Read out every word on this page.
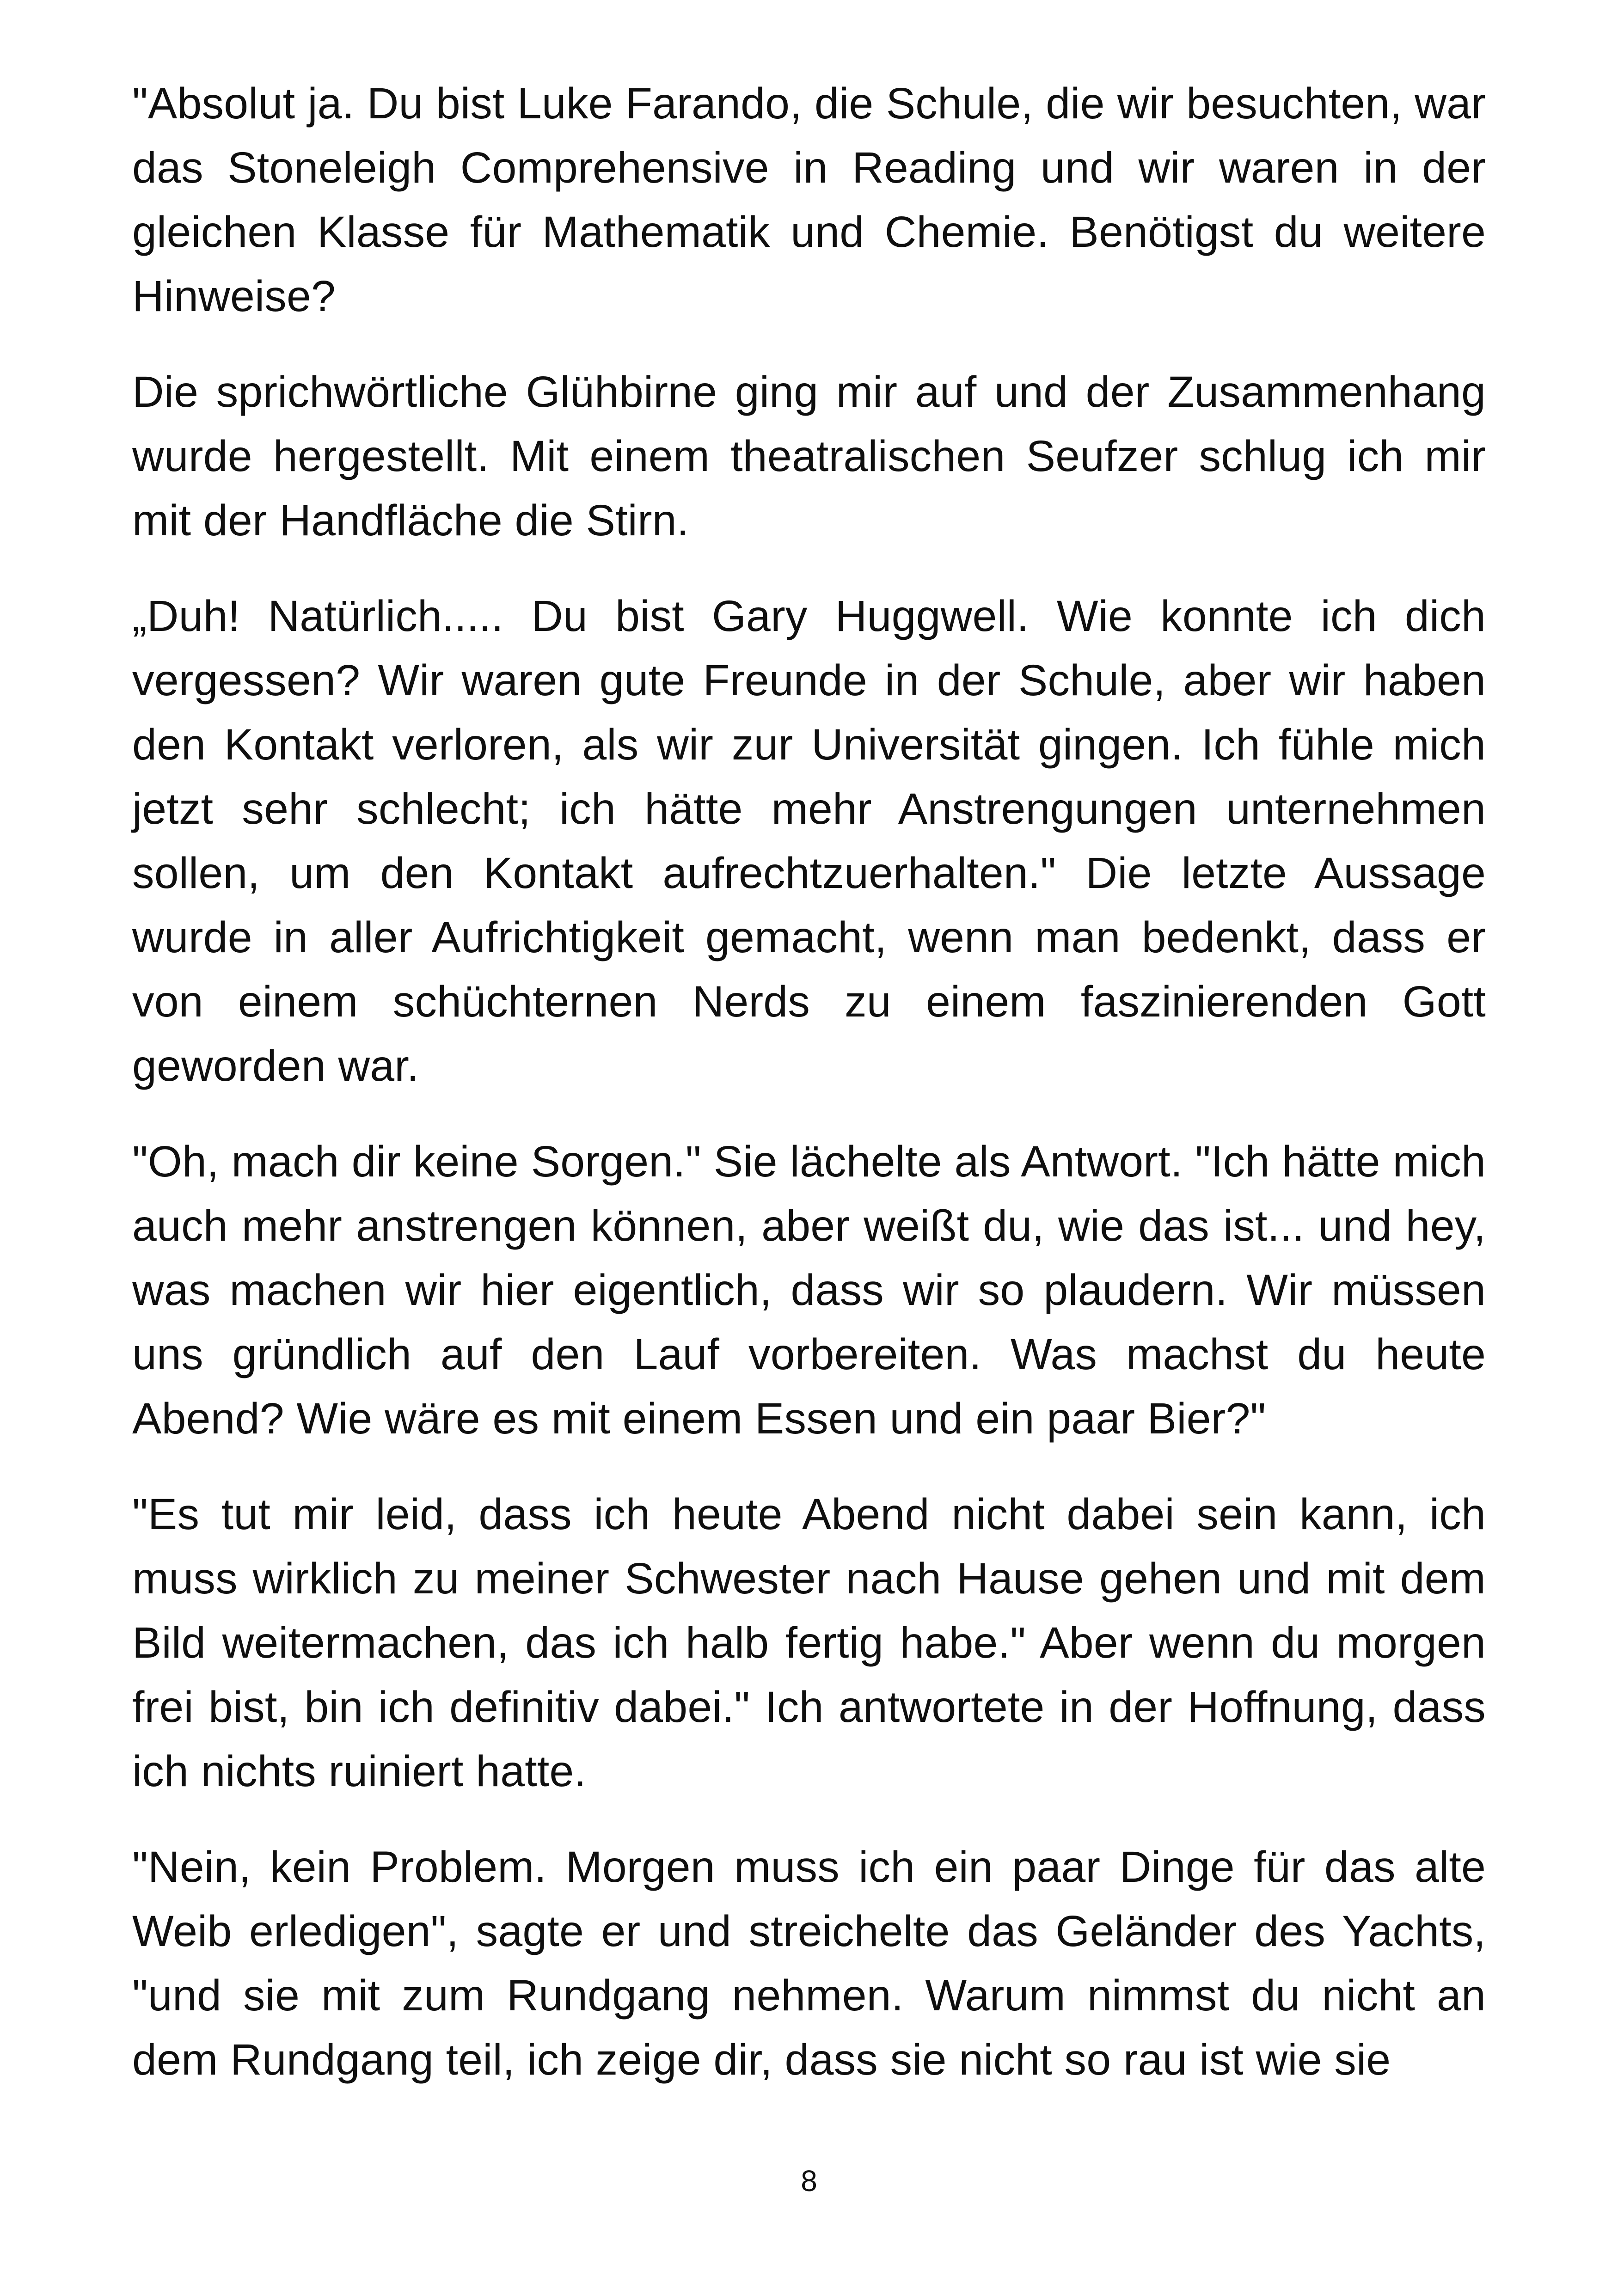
"Absolut ja. Du bist Luke Farando, die Schule, die wir besuchten, war das Stoneleigh Comprehensive in Reading und wir waren in der gleichen Klasse für Mathematik und Chemie. Benötigst du weitere Hinweise?

Die sprichwörtliche Glühbirne ging mir auf und der Zusammenhang wurde hergestellt. Mit einem theatralischen Seufzer schlug ich mir mit der Handfläche die Stirn.

„Duh! Natürlich..... Du bist Gary Huggwell. Wie konnte ich dich vergessen? Wir waren gute Freunde in der Schule, aber wir haben den Kontakt verloren, als wir zur Universität gingen. Ich fühle mich jetzt sehr schlecht; ich hätte mehr Anstrengungen unternehmen sollen, um den Kontakt aufrechtzuerhalten." Die letzte Aussage wurde in aller Aufrichtigkeit gemacht, wenn man bedenkt, dass er von einem schüchternen Nerds zu einem faszinierenden Gott geworden war.

"Oh, mach dir keine Sorgen." Sie lächelte als Antwort. "Ich hätte mich auch mehr anstrengen können, aber weißt du, wie das ist... und hey, was machen wir hier eigentlich, dass wir so plaudern. Wir müssen uns gründlich auf den Lauf vorbereiten. Was machst du heute Abend? Wie wäre es mit einem Essen und ein paar Bier?"

"Es tut mir leid, dass ich heute Abend nicht dabei sein kann, ich muss wirklich zu meiner Schwester nach Hause gehen und mit dem Bild weitermachen, das ich halb fertig habe." Aber wenn du morgen frei bist, bin ich definitiv dabei." Ich antwortete in der Hoffnung, dass ich nichts ruiniert hatte.

"Nein, kein Problem. Morgen muss ich ein paar Dinge für das alte Weib erledigen", sagte er und streichelte das Geländer des Yachts, "und sie mit zum Rundgang nehmen. Warum nimmst du nicht an dem Rundgang teil, ich zeige dir, dass sie nicht so rau ist wie sie

8
